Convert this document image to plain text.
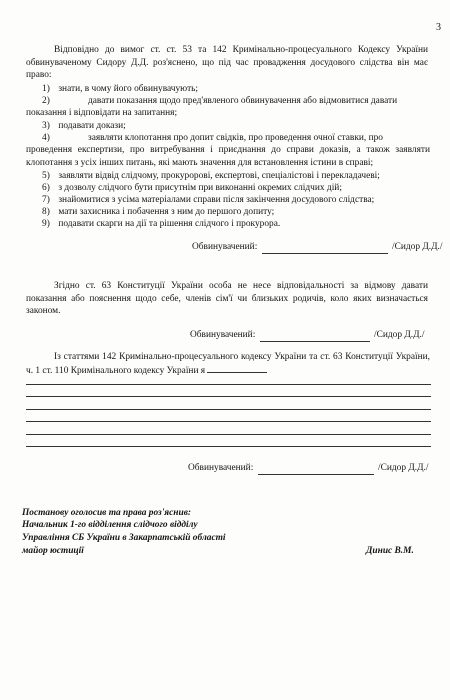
3
Відповідно до вимог ст. ст. 53 та 142 Кримінально-процесуального Кодексу України обвинуваченому Сидору Д.Д. роз'яснено, що під час провадження досудового слідства він має право:
1) знати, в чому його обвинувачують;
2)	давати показання щодо пред'явленого обвинувачення або відмовитися давати
показання і відповідати на запитання;
3) подавати докази;
4)	заявляти клопотання про допит свідків, про проведення очної ставки, про
проведення експертизи, про витребування і приєднання до справи доказів, а також заявляти клопотання з усіх інших питань, які мають значення для встановлення істини в справі;
5) заявляти відвід слідчому, прокуророві, експертові, спеціалістові і перекладачеві;
6) з дозволу слідчого бути присутнім при виконанні окремих слідчих дій;
7) знайомитися з усіма матеріалами справи після закінчення досудового слідства;
8) мати захисника і побачення з ним до першого допиту;
9) подавати скарги на дії та рішення слідчого і прокурора.
Обвинувачений:	/Сидор Д.Д./
Згідно ст. 63 Конституції України особа не несе відповідальності за відмову давати показання або пояснення щодо себе, членів сім'ї чи близьких родичів, коло яких визначається законом.
Обвинувачений:	/Сидор Д.Д./
Із статтями 142 Кримінально-процесуального кодексу України та ст. 63 Конституції України, ч. 1 ст. 110 Кримінального кодексу України я
Обвинувачений:	/Сидор Д.Д./
Постанову оголосив та права роз'яснив:
Начальник 1-го відділення слідчого відділу
Управління СБ України в Закарпатській області
майор юстиції	Динис В.М.
